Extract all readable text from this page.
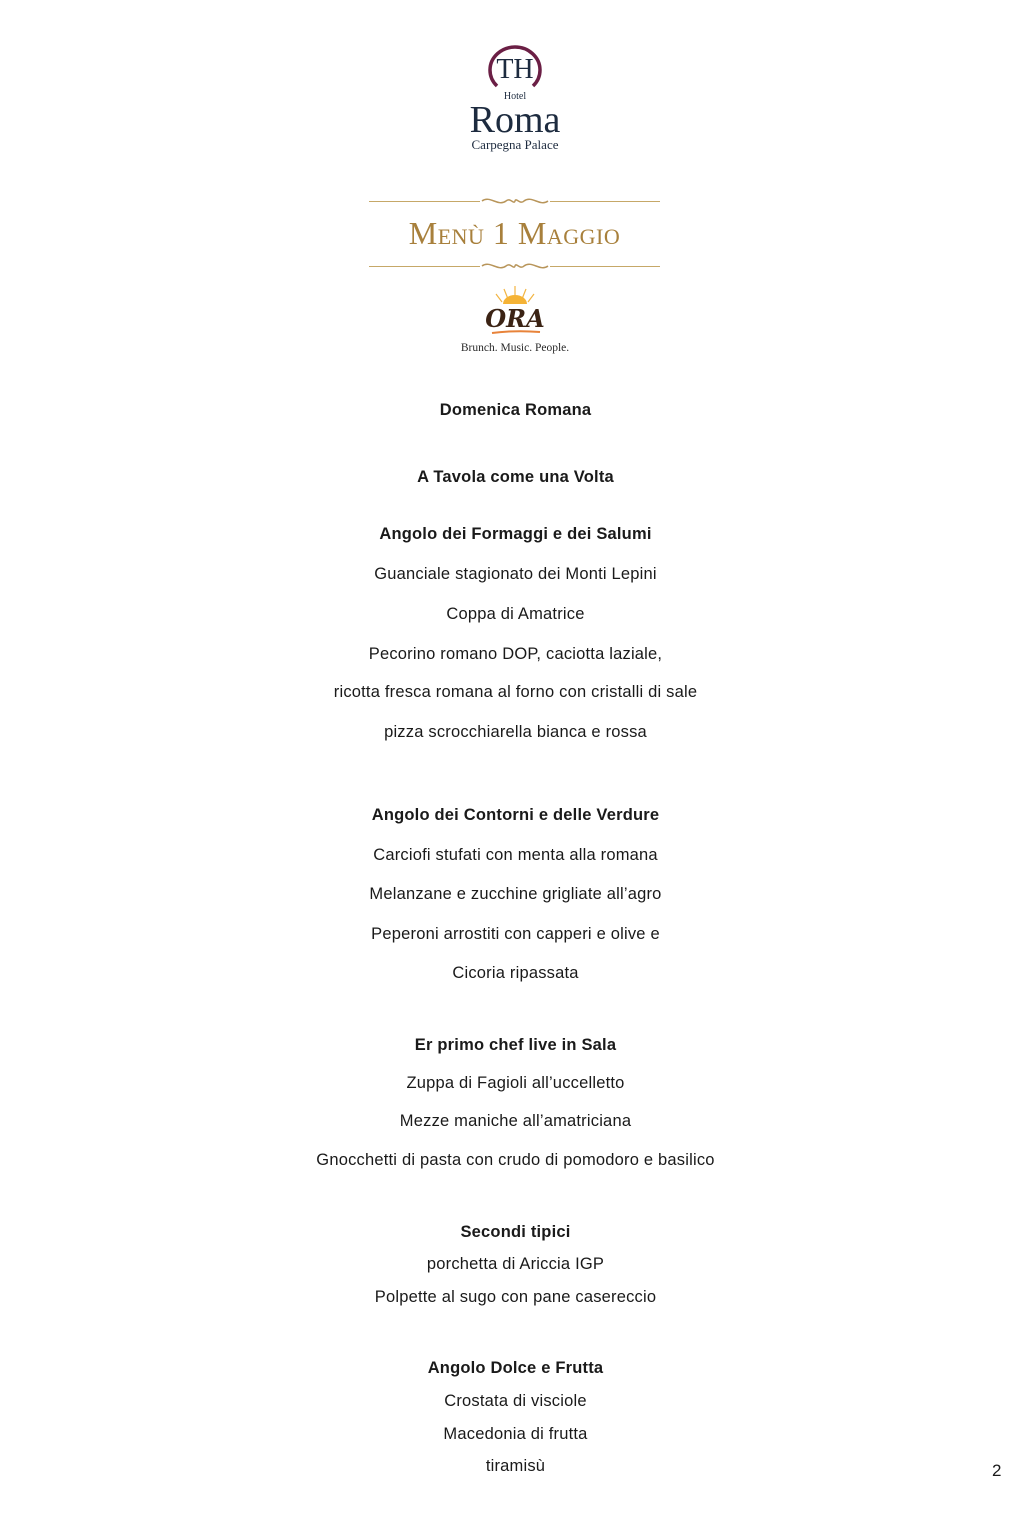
TH
Hotel
Roma
Carpegna Palace
Menù 1 Maggio
ORA
Brunch. Music. People.
Domenica Romana
A Tavola come una Volta
Angolo dei Formaggi e dei Salumi
Guanciale stagionato dei Monti Lepini
Coppa di Amatrice
Pecorino romano DOP, caciotta laziale,
ricotta fresca romana al forno con cristalli di sale
pizza scrocchiarella bianca e rossa
Angolo dei Contorni e delle Verdure
Carciofi stufati con menta alla romana
Melanzane e zucchine grigliate all’agro
Peperoni arrostiti con capperi e olive e
Cicoria ripassata
Er primo chef live in Sala
Zuppa di Fagioli all’uccelletto
Mezze maniche all’amatriciana
Gnocchetti di pasta con crudo di pomodoro e basilico
Secondi tipici
porchetta di Ariccia IGP
Polpette al sugo con pane casereccio
Angolo Dolce e Frutta
Crostata di visciole
Macedonia di frutta
tiramisù	2
